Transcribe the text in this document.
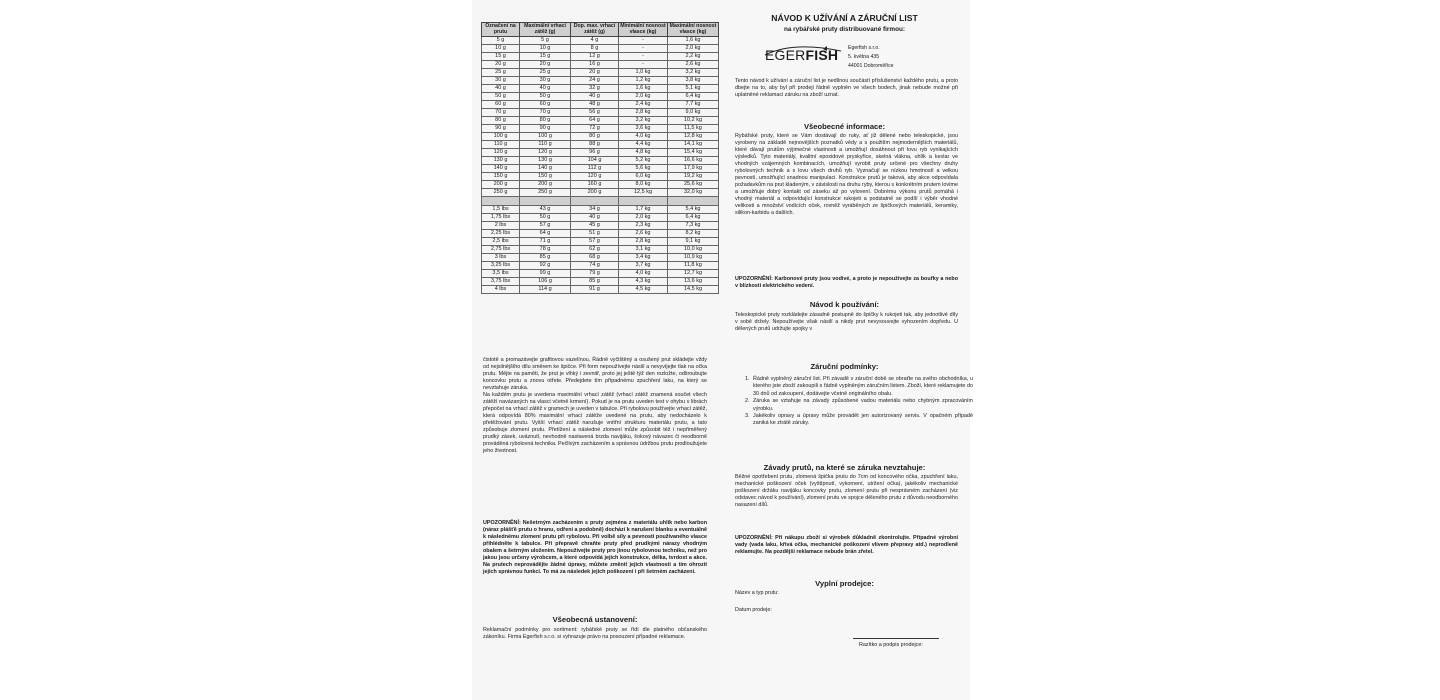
Označení na prutu	Maximální vrhací zátěž (g)	Dop. max. vrhací zátěž (g)	Minimální nosnost vlasce (kg)	Maximální nosnost vlasce (kg)
5 g	5 g	4 g	-	1,6 kg
10 g	10 g	8 g	-	2,0 kg
15 g	15 g	12 g	-	2,2 kg
20 g	20 g	16 g	-	2,6 kg
25 g	25 g	20 g	1,0 kg	3,2 kg
30 g	30 g	24 g	1,2 kg	3,8 kg
40 g	40 g	32 g	1,6 kg	5,1 kg
50 g	50 g	40 g	2,0 kg	6,4 kg
60 g	60 g	48 g	2,4 kg	7,7 kg
70 g	70 g	56 g	2,8 kg	9,0 kg
80 g	80 g	64 g	3,2 kg	10,2 kg
90 g	90 g	72 g	3,6 kg	11,5 kg
100 g	100 g	80 g	4,0 kg	12,8 kg
110 g	110 g	88 g	4,4 kg	14,1 kg
120 g	120 g	96 g	4,8 kg	15,4 kg
130 g	130 g	104 g	5,2 kg	16,6 kg
140 g	140 g	112 g	5,6 kg	17,9 kg
150 g	150 g	120 g	6,0 kg	19,2 kg
200 g	200 g	160 g	8,0 kg	25,6 kg
250 g	250 g	200 g	12,5 kg	32,0 kg

1,5 lbs	43 g	34 g	1,7 kg	5,4 kg
1,75 lbs	50 g	40 g	2,0 kg	6,4 kg
2 lbs	57 g	45 g	2,3 kg	7,3 kg
2,25 lbs	64 g	51 g	2,6 kg	8,2 kg
2,5 lbs	71 g	57 g	2,8 kg	9,1 kg
2,75 lbs	78 g	62 g	3,1 kg	10,0 kg
3 lbs	85 g	68 g	3,4 kg	10,9 kg
3,25 lbs	92 g	74 g	3,7 kg	11,8 kg
3,5 lbs	99 g	79 g	4,0 kg	12,7 kg
3,75 lbs	106 g	85 g	4,3 kg	13,6 kg
4 lbs	114 g	91 g	4,5 kg	14,5 kg

čistotě a promazávejte grafitovou vazelínou. Řádně vyčištěný a osušený prut skládejte vždy od nejsilnějšího dílu směrem ke špičce. Při form nepoužívejte násilí a nevyvíjejte tlak na očka prutu. Mějte na paměti, že prut je vlhký i zevnitř, proto jej ještě týž den rozložte, odšroubujte koncovku prutu a znovu otřete. Předejdete tím případnému zpuchření laku, na který se nevztahuje záruka.

Na každém prutu je uvedena maximální vrhací zátěž (vrhací zátěž znamená součet všech zátěží navázaných na vlasci včetně krmení). Pokud je na prutu uveden test v ohybu v librách přepočet na vrhací zátěž v gramech je uveden v tabulce. Při rybolovu používejte vrhací zátěž, která odpovídá 80% maximální vrhací zátěže uvedené na prutu, aby nedocházelo k přetěžování prutu. Vyšší vrhací zátěž narušuje vnitřní strukturu materiálu prutu, a tato způsobuje zlomení prutu. Přetížení a následné zlomení může způsobit též i nepřiměřený prudký zásek, uváznutí, nevhodně nastavená brzda navijáku, šokový návazec či neodborně prováděná rybolovná technika. Pečlivým zacházením a správnou údržbou prutu prodloužujete jeho životnost.

UPOZORNĚNÍ: Nešetrným zacházením s pruty zejména z materiálu uhlík nebo karbon (náraz plášťě prutu o hranu, odření a podobně) dochází k narušení blanku a eventuálně k následnému zlomení prutu při rybolovu. Při volbě síly a pevnosti používaného vlasce přihlédněte k tabulce. Při přepravě chraňte pruty před prudkými nárazy vhodným obalem a šetrným uložením. Nepoužívejte pruty pro jinou rybolovnou techniku, než pro jakou jsou určeny výrobcem, a které odpovídá jejich konstrukce, délka, tvrdost a akce. Na prutech neprovádějte žádné úpravy, můžete změnit jejich vlastnosti a tím ohrozit jejich správnou funkci. To má za následek jejich poškození i při šetrném zacházení.
Všeobecná ustanovení:
Reklamační podmínky pro sortiment: rybářské pruty se řídí dle platného občanského zákoníku. Firma Egerfish s.r.o. si vyhrazuje právo na posouzení případné reklamace.
NÁVOD K UŽÍVÁNÍ A ZÁRUČNÍ LIST
na rybářské pruty distribuované firmou:
EGERFISH Egerfish s.r.o.
5. května 435
44001 Dobroměřice
Tento návod k užívání a záruční list je nedílnou součástí příslušenství každého prutu, a proto dbejte na to, aby byl při prodeji řádně vyplněn ve všech bodech, jinak nebude možné při uplatněné reklamaci záruku na zboží uznat.
Všeobecné informace:
Rybářské pruty, které se Vám dostávají do ruky, ať již dělené nebo teleskopické, jsou vyrobeny na základě nejnovějších poznatků vědy a s použitím nejmodernějších materiálů, které dávají prutům výjimečné vlastnosti a umožňují dosáhnout při lovu ryb vynikajících výsledků. Tyto materiály, kvalitní epoxidové pryskyřice, skelná vlákna, uhlík a kevlar ve vhodných vzájemných kombinacích, umožňují vyrobit pruty určené pro všechny druhy rybolovných technik a s lovu všech druhů ryb. Vyznačují se nízkou hmotností a velkou pevností, umožňující snadnou manipulaci. Konstrukce prutů je taková, aby akce odpovídala požadavkům na prut kladeným, v závislosti na druhu ryby, kterou s konkrétním prutem lovíme a umožňuje dobrý kontakt od záseku až po vylovení. Dobrému výkonu prutů pomáhá i vhodný materiál a odpovídající konstrukce rukojeti a podstatně se podílí i výběr vhodné velikosti a množství vodících oček, rovněž vyráběných ze špičkových materiálů, keramiky, silikon-karbidu a dalších.
UPOZORNĚNÍ: Karbonové pruty jsou vodivé, a proto je nepoužívejte za bouřky a nebo v blízkosti elektrického vedení.
Návod k používání:
Teleskopické pruty rozkládejte zásadně postupně do špičky k rukojeti tak, aby jednotlivé díly v sobě držely. Nepoužívejte však násilí a nikdy prut nevysouvejte vyhozením dopředu. U dělených prutů udržujte spojky v
Záruční podmínky:
1. Řádně vyplněný záruční list. Při závadě v záruční době se obraťte na svého obchodníka, u kterého jste zboží zakoupili s řádně vyplněným záručním listem. Zboží, které reklamujete do 30 dnů od zakoupení, dodávejte včetně originálního obalu.
2. Záruka se vztahuje na závady způsobené vadou materiálu nebo chybným zpracováním výrobku.
3. Jakékoliv opravy a úpravy může provádět jen autorizovaný servis. V opačném případě zaniká ke ztrátě záruky.
Závady prutů, na které se záruka nevztahuje:
Běžné opotřebení prutu, zlomená špička prutu do 7cm od koncového očka, zpuchření laku, mechanické poškození oček (vyštípnutí, vykornení, utržení očka), jakékoliv mechanické poškození držáku navijáku koncovky prutu, zlomení prutu při nesprávném zacházení (viz odstavec návod k používání), zlomení prutu ve spojce děleného prutu z důvodu neodborného nasazení dílů.
UPOZORNĚNÍ: Při nákupu zboží si výrobek důkladně zkontrolujte. Případné výrobní vady (vada laku, křivá očka, mechanické poškození vlivem přepravy atd.) neprodleně reklamujte. Na pozdější reklamace nebude brán zřetel.
Vyplní prodejce:
Název a typ prutu:
Datum prodeje:
Razítko a podpis prodejce:
